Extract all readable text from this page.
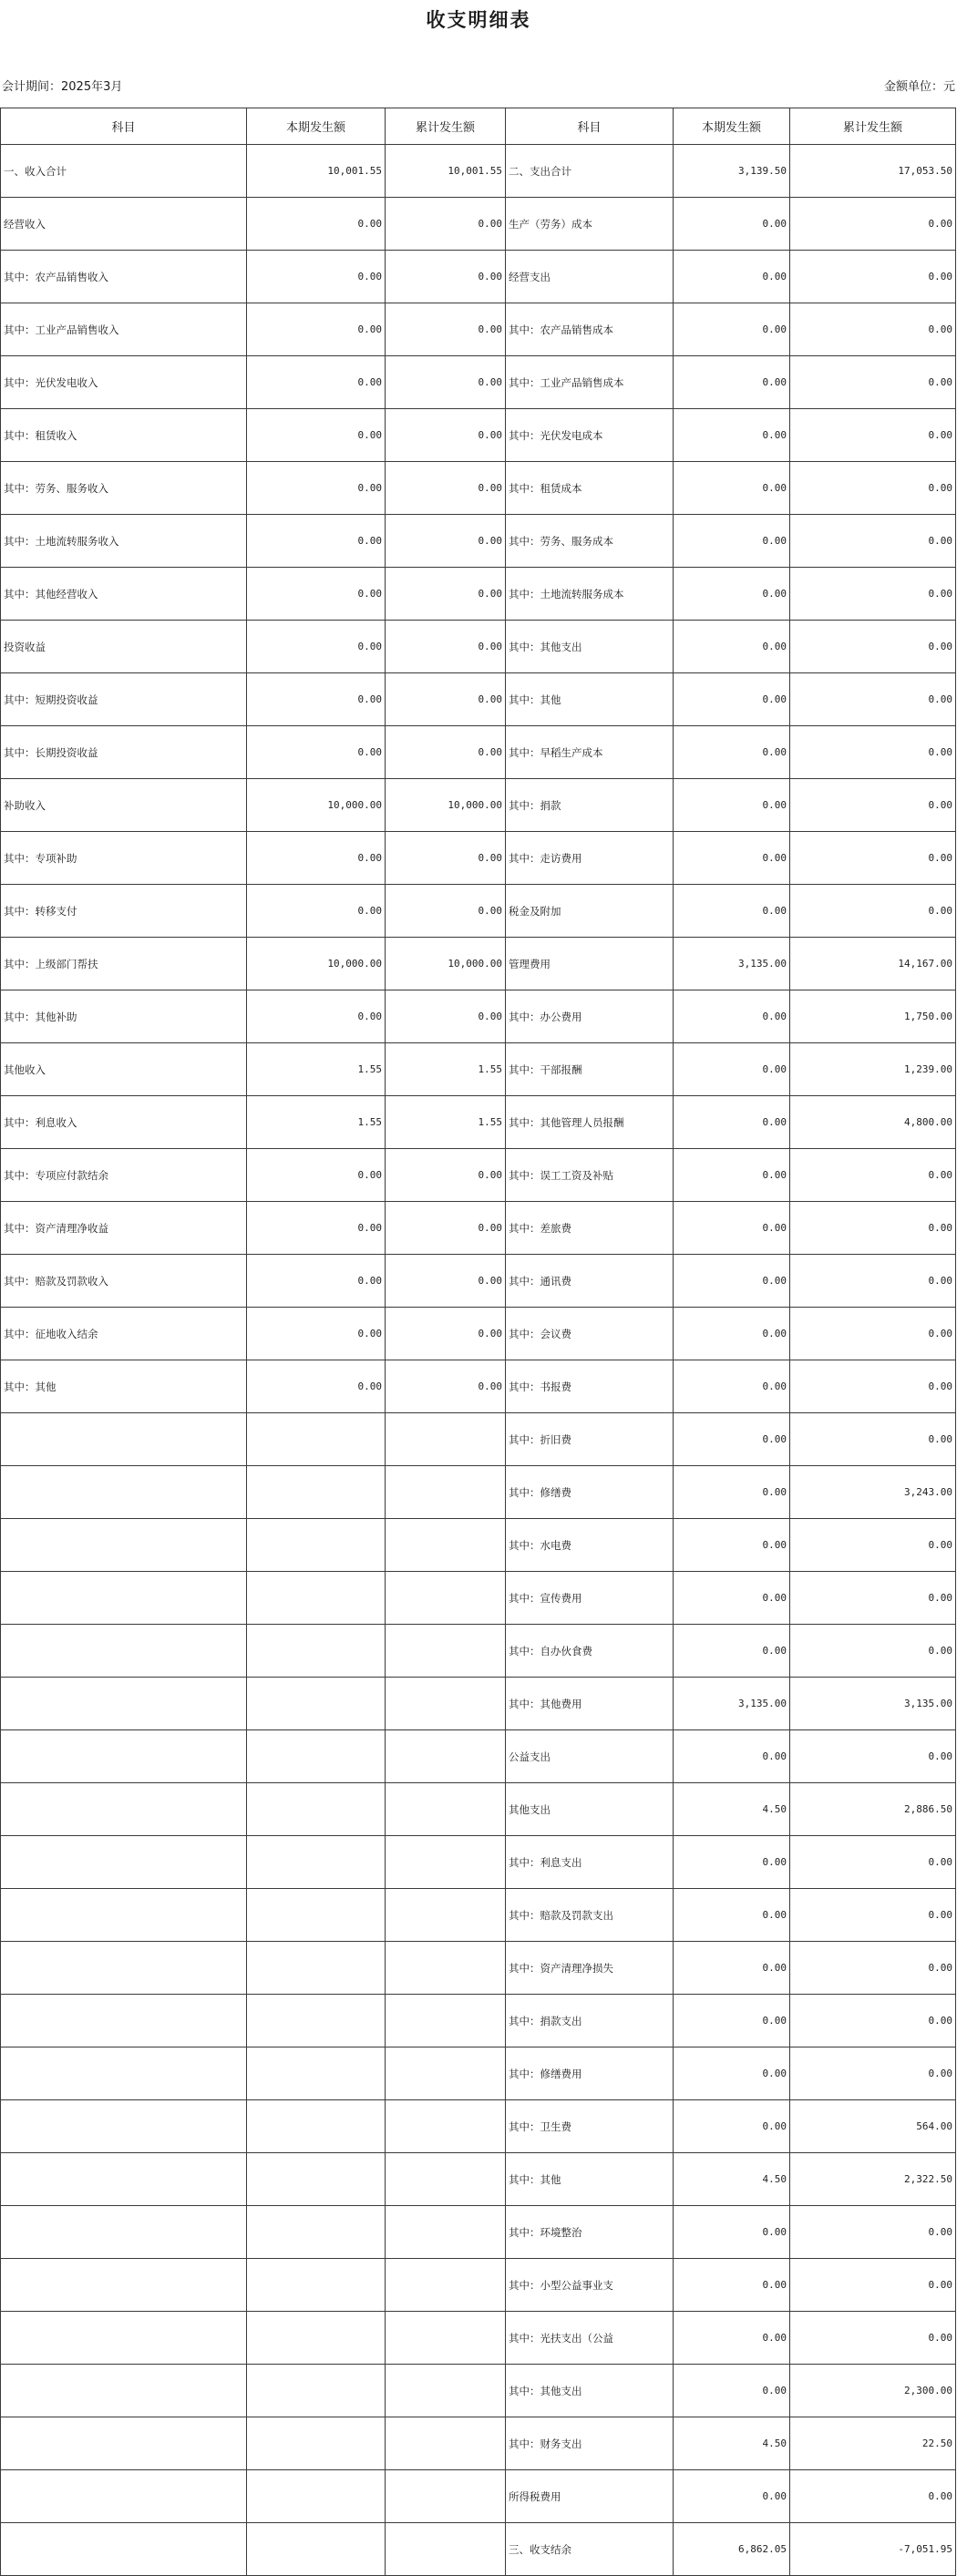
收支明细表
会计期间：2025年3月	金额单位：元
科目	本期发生额	累计发生额	科目	本期发生额	累计发生额
一、收入合计	10,001.55	10,001.55	二、支出合计	3,139.50	17,053.50
经营收入	0.00	0.00	生产（劳务）成本	0.00	0.00
其中：农产品销售收入	0.00	0.00	经营支出	0.00	0.00
其中：工业产品销售收入	0.00	0.00	其中：农产品销售成本	0.00	0.00
其中：光伏发电收入	0.00	0.00	其中：工业产品销售成本	0.00	0.00
其中：租赁收入	0.00	0.00	其中：光伏发电成本	0.00	0.00
其中：劳务、服务收入	0.00	0.00	其中：租赁成本	0.00	0.00
其中：土地流转服务收入	0.00	0.00	其中：劳务、服务成本	0.00	0.00
其中：其他经营收入	0.00	0.00	其中：土地流转服务成本	0.00	0.00
投资收益	0.00	0.00	其中：其他支出	0.00	0.00
其中：短期投资收益	0.00	0.00	其中：其他	0.00	0.00
其中：长期投资收益	0.00	0.00	其中：早稻生产成本	0.00	0.00
补助收入	10,000.00	10,000.00	其中：捐款	0.00	0.00
其中：专项补助	0.00	0.00	其中：走访费用	0.00	0.00
其中：转移支付	0.00	0.00	税金及附加	0.00	0.00
其中：上级部门帮扶	10,000.00	10,000.00	管理费用	3,135.00	14,167.00
其中：其他补助	0.00	0.00	其中：办公费用	0.00	1,750.00
其他收入	1.55	1.55	其中：干部报酬	0.00	1,239.00
其中：利息收入	1.55	1.55	其中：其他管理人员报酬	0.00	4,800.00
其中：专项应付款结余	0.00	0.00	其中：误工工资及补贴	0.00	0.00
其中：资产清理净收益	0.00	0.00	其中：差旅费	0.00	0.00
其中：赔款及罚款收入	0.00	0.00	其中：通讯费	0.00	0.00
其中：征地收入结余	0.00	0.00	其中：会议费	0.00	0.00
其中：其他	0.00	0.00	其中：书报费	0.00	0.00
			其中：折旧费	0.00	0.00
			其中：修缮费	0.00	3,243.00
			其中：水电费	0.00	0.00
			其中：宣传费用	0.00	0.00
			其中：自办伙食费	0.00	0.00
			其中：其他费用	3,135.00	3,135.00
			公益支出	0.00	0.00
			其他支出	4.50	2,886.50
			其中：利息支出	0.00	0.00
			其中：赔款及罚款支出	0.00	0.00
			其中：资产清理净损失	0.00	0.00
			其中：捐款支出	0.00	0.00
			其中：修缮费用	0.00	0.00
			其中：卫生费	0.00	564.00
			其中：其他	4.50	2,322.50
			其中：环境整治	0.00	0.00
			其中：小型公益事业支	0.00	0.00
			其中：光扶支出（公益	0.00	0.00
			其中：其他支出	0.00	2,300.00
			其中：财务支出	4.50	22.50
			所得税费用	0.00	0.00
			三、收支结余	6,862.05	-7,051.95
